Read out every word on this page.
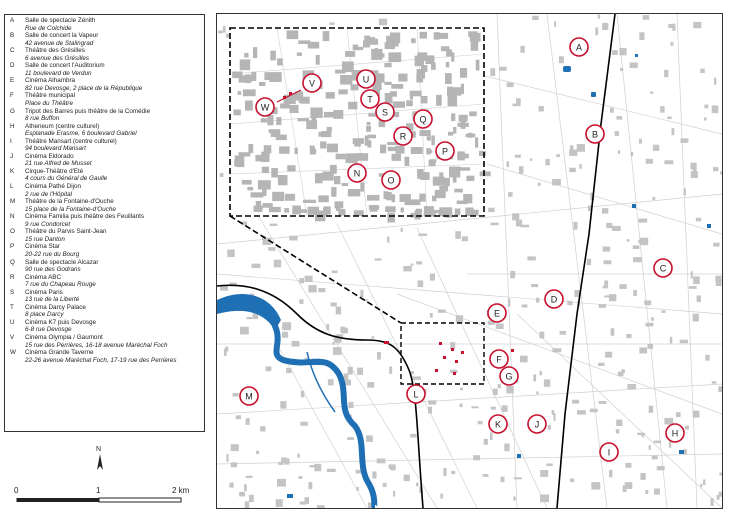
A	Salle de spectacle Zénith
Rue de Colchide
B	Salle de concert la Vapeur
42 avenue de Stalingrad
C	Théâtre des Grésilles
6 avenue des Grésilles
D	Salle de concert l'Auditorium
11 boulevard de Verdun
E	Cinéma Alhambra
82 rue Devosge, 2 place de la République
F	Théâtre municipal
Place du Théâtre
G	Tripot des Barres puis théâtre de la Comédie
8 rue Buffon
H	Atheneum (centre culturel)
Esplanade Erasme, 6 boulevard Gabriel
I	Théâtre Mansart (centre culturel)
94 boulevard Mansart
J	Cinéma Eldorado
21 rue Alfred de Musset
K	Cirque-Théâtre d'Eté
4 cours du Général de Gaulle
L	Cinéma Pathé Dijon
2 rue de l'Hôpital
M	Théâtre de la Fontaine-d'Ouche
15 place de la Fontaine-d'Ouche
N	Cinéma Familia puis théâtre des Feuillants
9 rue Condorcet
O	Théâtre du Parvis Saint-Jean
15 rue Danton
P	Cinéma Star
20-22 rue du Bourg
Q	Salle de spectacle Alcazar
90 rue des Godrans
R	Cinéma ABC
7 rue du Chapeau Rouge
S	Cinéma Paris
13 rue de la Liberté
T	Cinéma Darcy Palace
8 place Darcy
U	Cinéma K7 puis Devosge
6-8 rue Devosge
V	Cinéma Olympia / Gaumont
15 rue des Perrières, 16-18 avenue Maréchal Foch
W	Cinéma Grande Taverne
22-26 avenue Maréchal Foch, 17-19 rue des Perrières
A
B
C
D
E
F
G
H
I
J
K
L
M
N
O
P
Q
R
S
T
U
V
W
N
0	1	2 km
